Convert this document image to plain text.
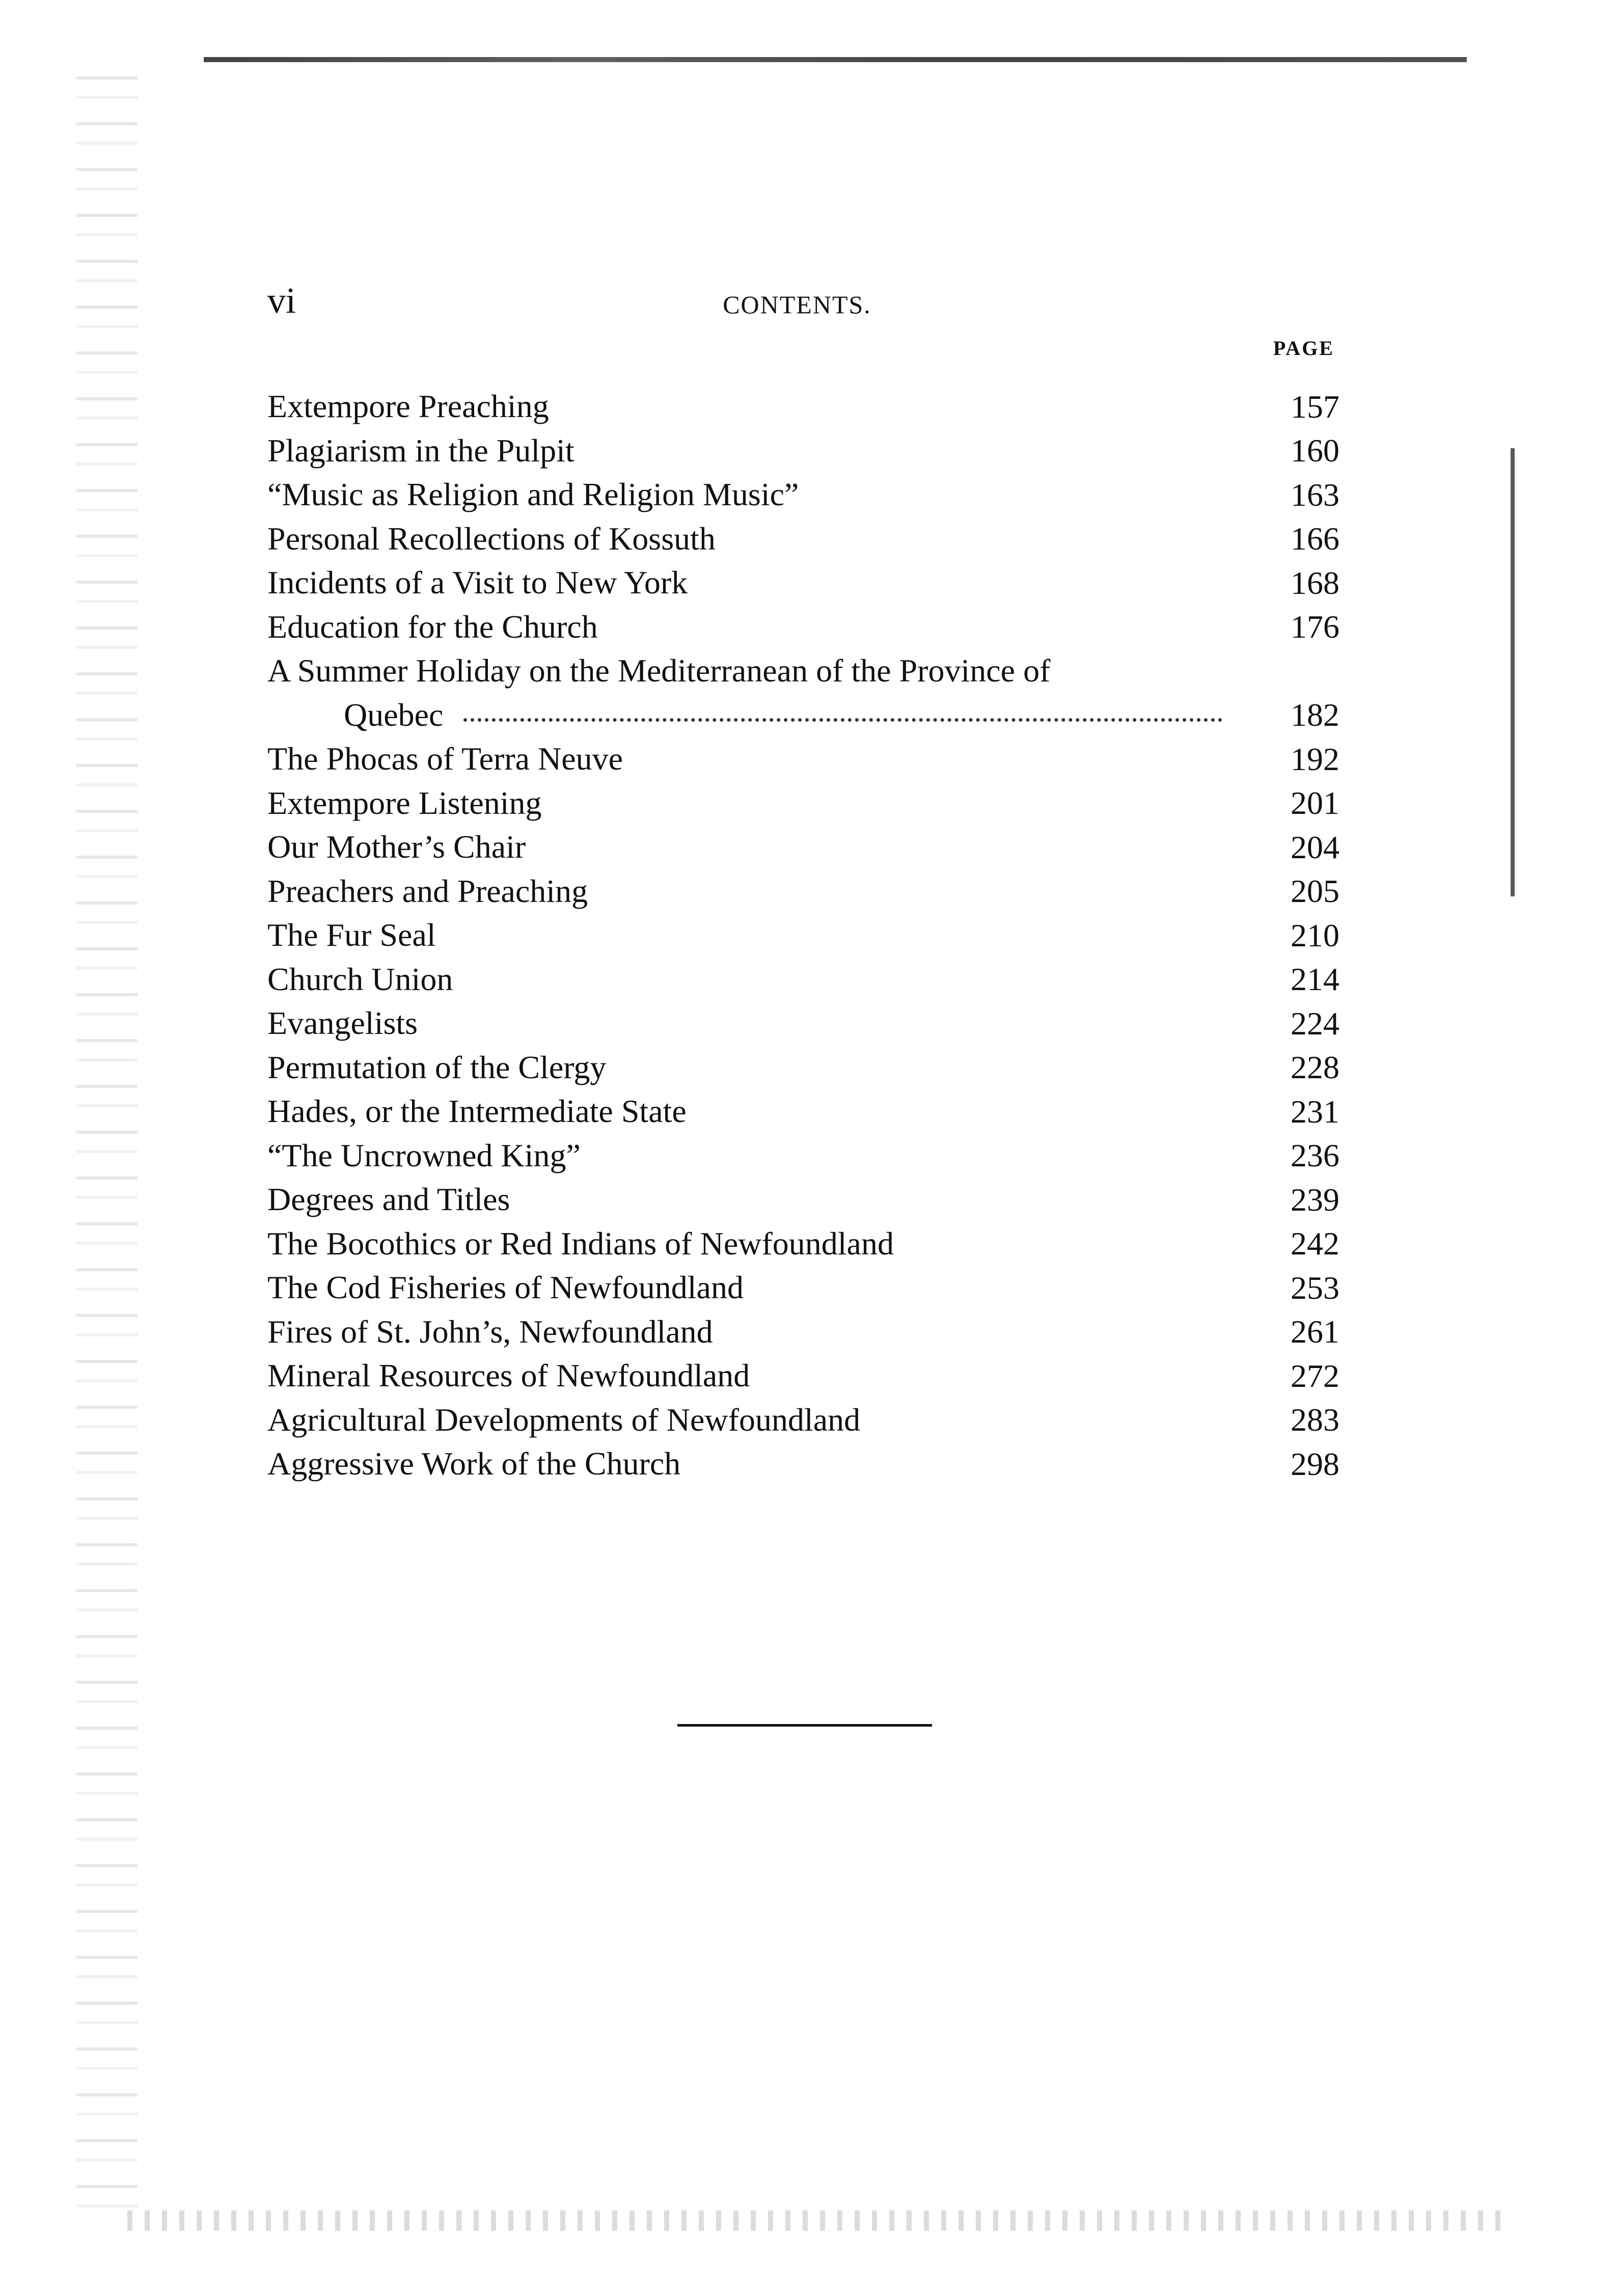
vi	CONTENTS.
PAGE
Extempore Preaching	157
Plagiarism in the Pulpit	160
“Music as Religion and Religion Music”	163
Personal Recollections of Kossuth	166
Incidents of a Visit to New York	168
Education for the Church	176
A Summer Holiday on the Mediterranean of the Province of
Quebec	182
The Phocas of Terra Neuve	192
Extempore Listening	201
Our Mother’s Chair	204
Preachers and Preaching	205
The Fur Seal	210
Church Union	214
Evangelists	224
Permutation of the Clergy	228
Hades, or the Intermediate State	231
“The Uncrowned King”	236
Degrees and Titles	239
The Bocothics or Red Indians of Newfoundland	242
The Cod Fisheries of Newfoundland	253
Fires of St. John’s, Newfoundland	261
Mineral Resources of Newfoundland	272
Agricultural Developments of Newfoundland	283
Aggressive Work of the Church	298
